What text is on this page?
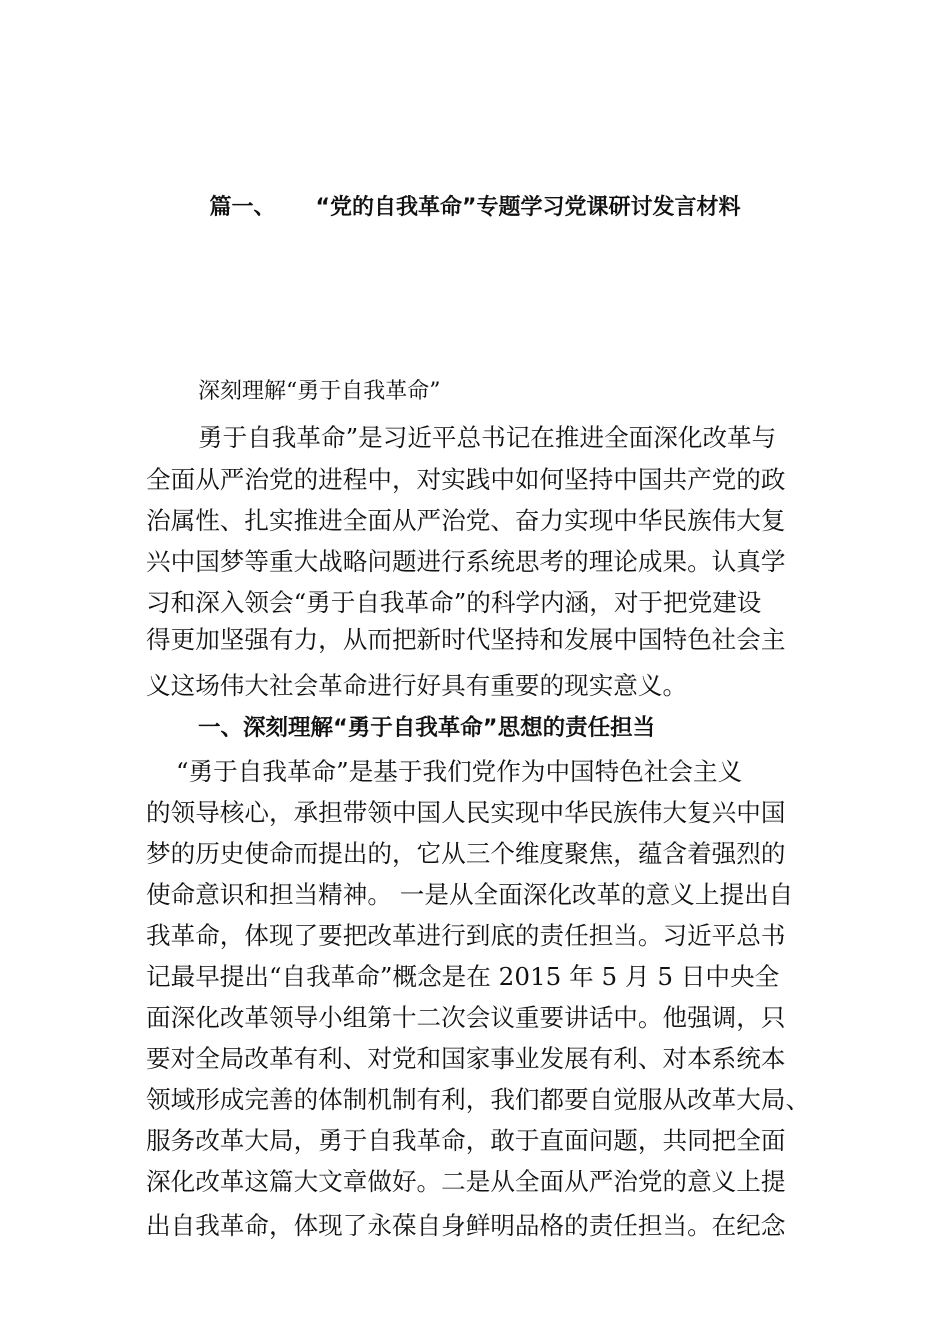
篇一、 “党的自我革命”专题学习党课研讨发言材料
深刻理解“勇于自我革命”
勇于自我革命”是习近平总书记在推进全面深化改革与
全面从严治党的进程中，对实践中如何坚持中国共产党的政
治属性、扎实推进全面从严治党、奋力实现中华民族伟大复
兴中国梦等重大战略问题进行系统思考的理论成果。认真学
习和深入领会“勇于自我革命”的科学内涵，对于把党建设
得更加坚强有力，从而把新时代坚持和发展中国特色社会主
义这场伟大社会革命进行好具有重要的现实意义。
一、深刻理解“勇于自我革命”思想的责任担当
“勇于自我革命”是基于我们党作为中国特色社会主义
的领导核心，承担带领中国人民实现中华民族伟大复兴中国
梦的历史使命而提出的，它从三个维度聚焦，蕴含着强烈的
使命意识和担当精神。 一是从全面深化改革的意义上提出自
我革命，体现了要把改革进行到底的责任担当。习近平总书
记最早提出“自我革命”概念是在 2015 年 5 月 5 日中央全
面深化改革领导小组第十二次会议重要讲话中。他强调，只
要对全局改革有利、对党和国家事业发展有利、对本系统本
领域形成完善的体制机制有利，我们都要自觉服从改革大局、
服务改革大局，勇于自我革命，敢于直面问题，共同把全面
深化改革这篇大文章做好。二是从全面从严治党的意义上提
出自我革命，体现了永葆自身鲜明品格的责任担当。在纪念
